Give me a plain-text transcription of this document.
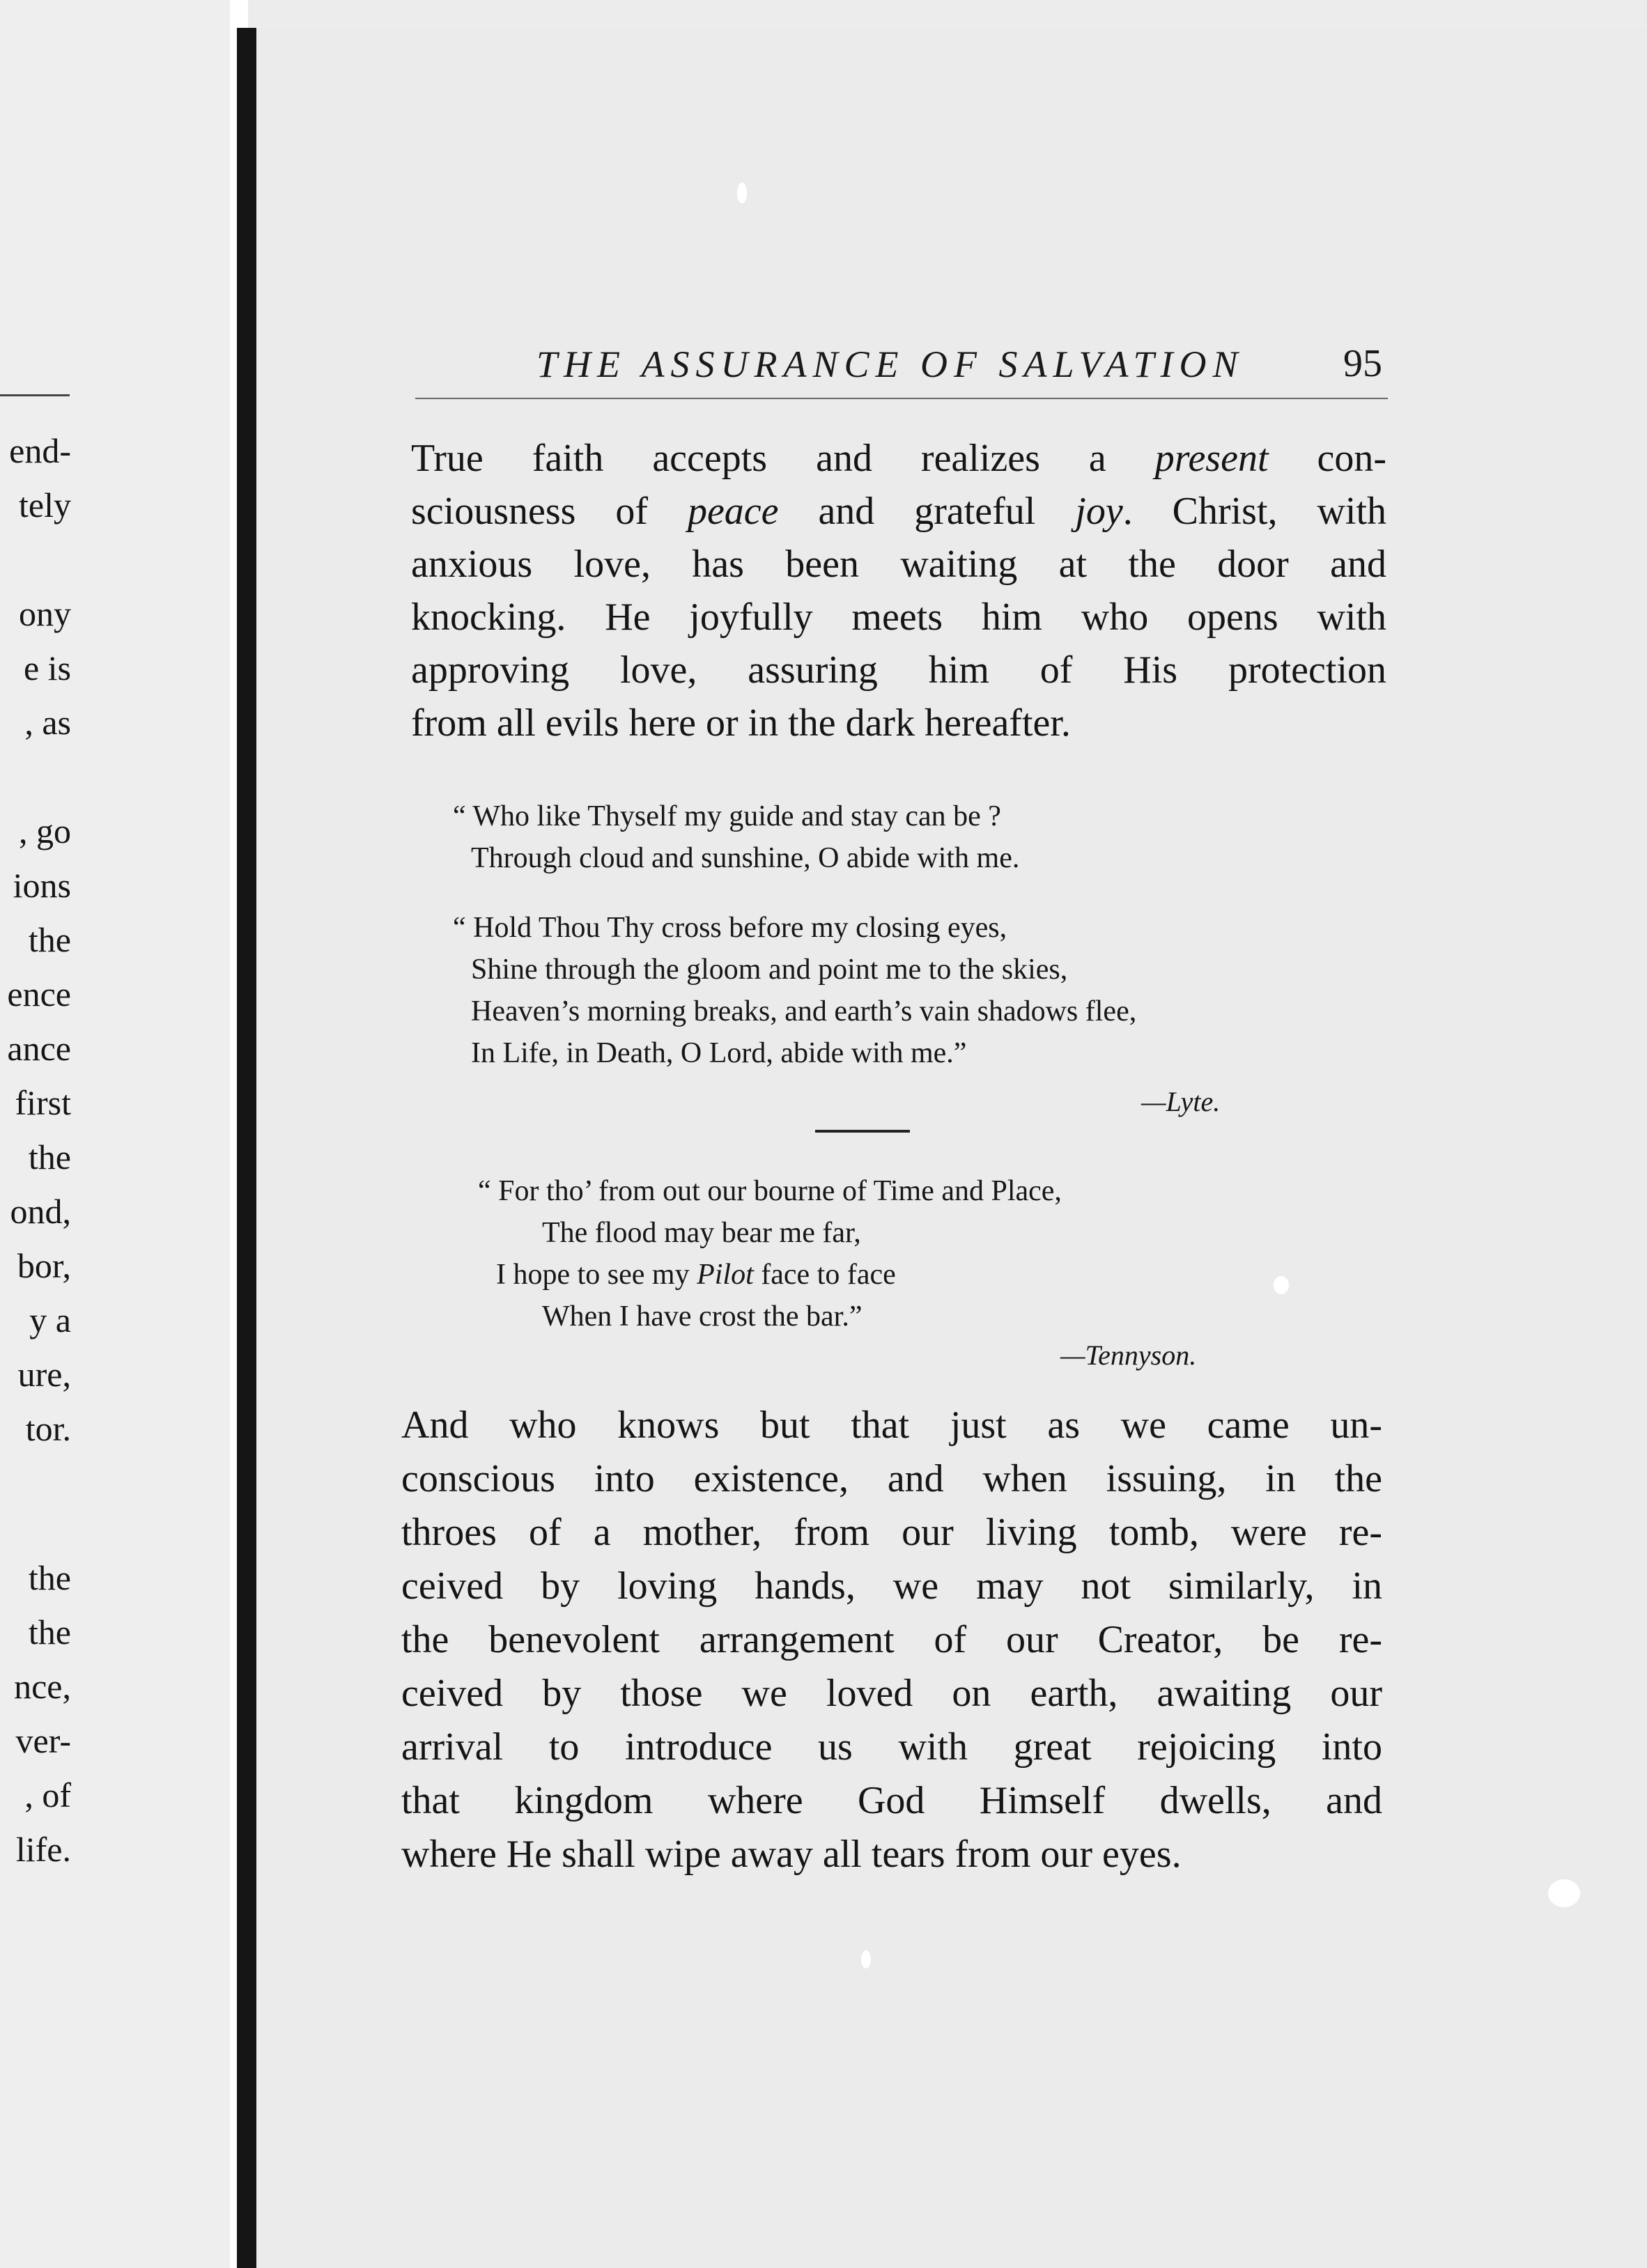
end-
tely
ony
e is
, as
, go
ions
the
ence
ance
first
the
ond,
bor,
y a
ure,
tor.
the
the
nce,
ver-
, of
life.
THE ASSURANCE OF SALVATION	95
True faith accepts and realizes a present con-
sciousness of peace and grateful joy. Christ, with
anxious love, has been waiting at the door and
knocking. He joyfully meets him who opens with
approving love, assuring him of His protection
from all evils here or in the dark hereafter.
“ Who like Thyself my guide and stay can be ?
Through cloud and sunshine, O abide with me.
“ Hold Thou Thy cross before my closing eyes,
Shine through the gloom and point me to the skies,
Heaven’s morning breaks, and earth’s vain shadows flee,
In Life, in Death, O Lord, abide with me.”
—Lyte.
“ For tho’ from out our bourne of Time and Place,
The flood may bear me far,
I hope to see my Pilot face to face
When I have crost the bar.”
—Tennyson.
And who knows but that just as we came un-
conscious into existence, and when issuing, in the
throes of a mother, from our living tomb, were re-
ceived by loving hands, we may not similarly, in
the benevolent arrangement of our Creator, be re-
ceived by those we loved on earth, awaiting our
arrival to introduce us with great rejoicing into
that kingdom where God Himself dwells, and
where He shall wipe away all tears from our eyes.
